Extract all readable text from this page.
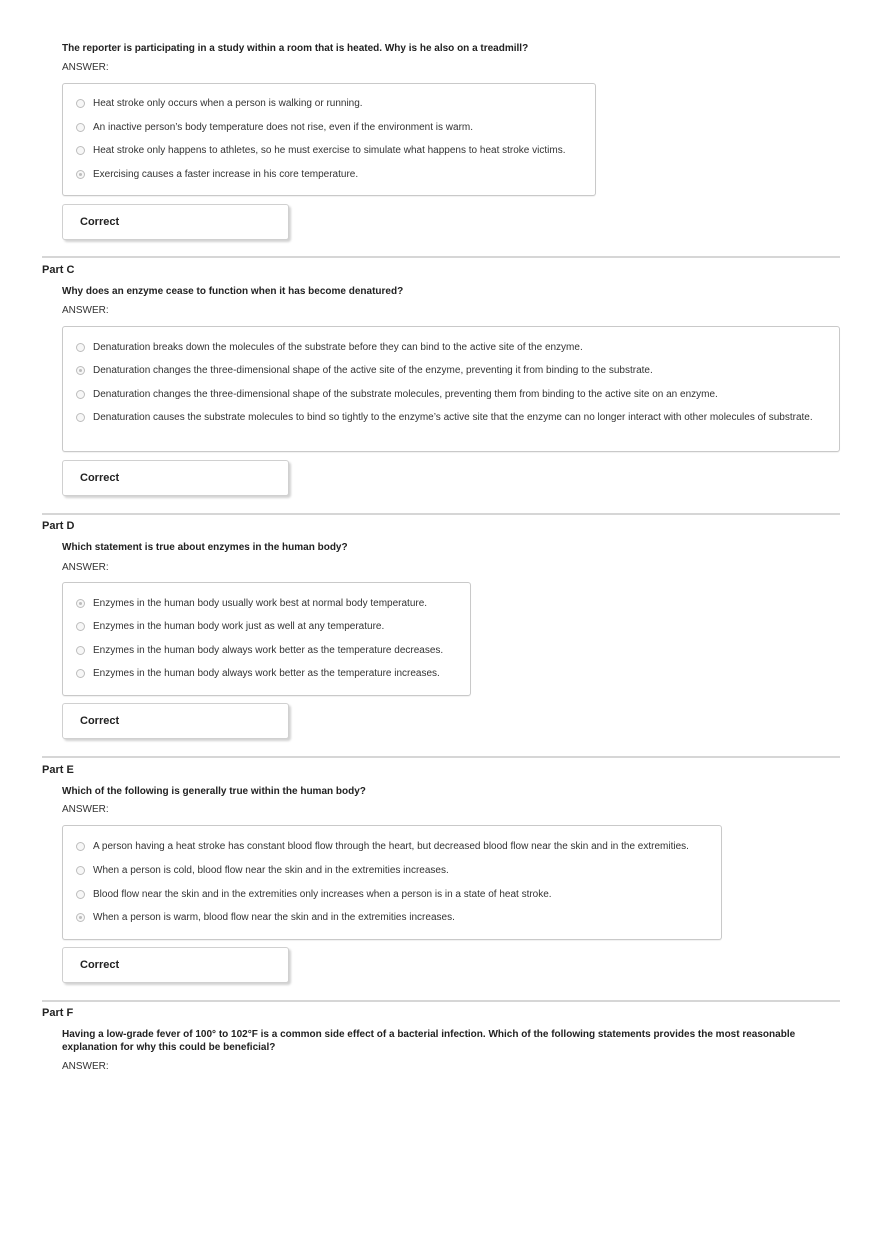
The reporter is participating in a study within a room that is heated. Why is he also on a treadmill?
ANSWER:
Heat stroke only occurs when a person is walking or running.
An inactive person’s body temperature does not rise, even if the environment is warm.
Heat stroke only happens to athletes, so he must exercise to simulate what happens to heat stroke victims.
Exercising causes a faster increase in his core temperature.
Correct
Part C
Why does an enzyme cease to function when it has become denatured?
ANSWER:
Denaturation breaks down the molecules of the substrate before they can bind to the active site of the enzyme.
Denaturation changes the three-dimensional shape of the active site of the enzyme, preventing it from binding to the substrate.
Denaturation changes the three-dimensional shape of the substrate molecules, preventing them from binding to the active site on an enzyme.
Denaturation causes the substrate molecules to bind so tightly to the enzyme’s active site that the enzyme can no longer interact with other molecules of substrate.
Correct
Part D
Which statement is true about enzymes in the human body?
ANSWER:
Enzymes in the human body usually work best at normal body temperature.
Enzymes in the human body work just as well at any temperature.
Enzymes in the human body always work better as the temperature decreases.
Enzymes in the human body always work better as the temperature increases.
Correct
Part E
Which of the following is generally true within the human body?
ANSWER:
A person having a heat stroke has constant blood flow through the heart, but decreased blood flow near the skin and in the extremities.
When a person is cold, blood flow near the skin and in the extremities increases.
Blood flow near the skin and in the extremities only increases when a person is in a state of heat stroke.
When a person is warm, blood flow near the skin and in the extremities increases.
Correct
Part F
Having a low-grade fever of 100° to 102°F is a common side effect of a bacterial infection. Which of the following statements provides the most reasonable explanation for why this could be beneficial?
ANSWER:
